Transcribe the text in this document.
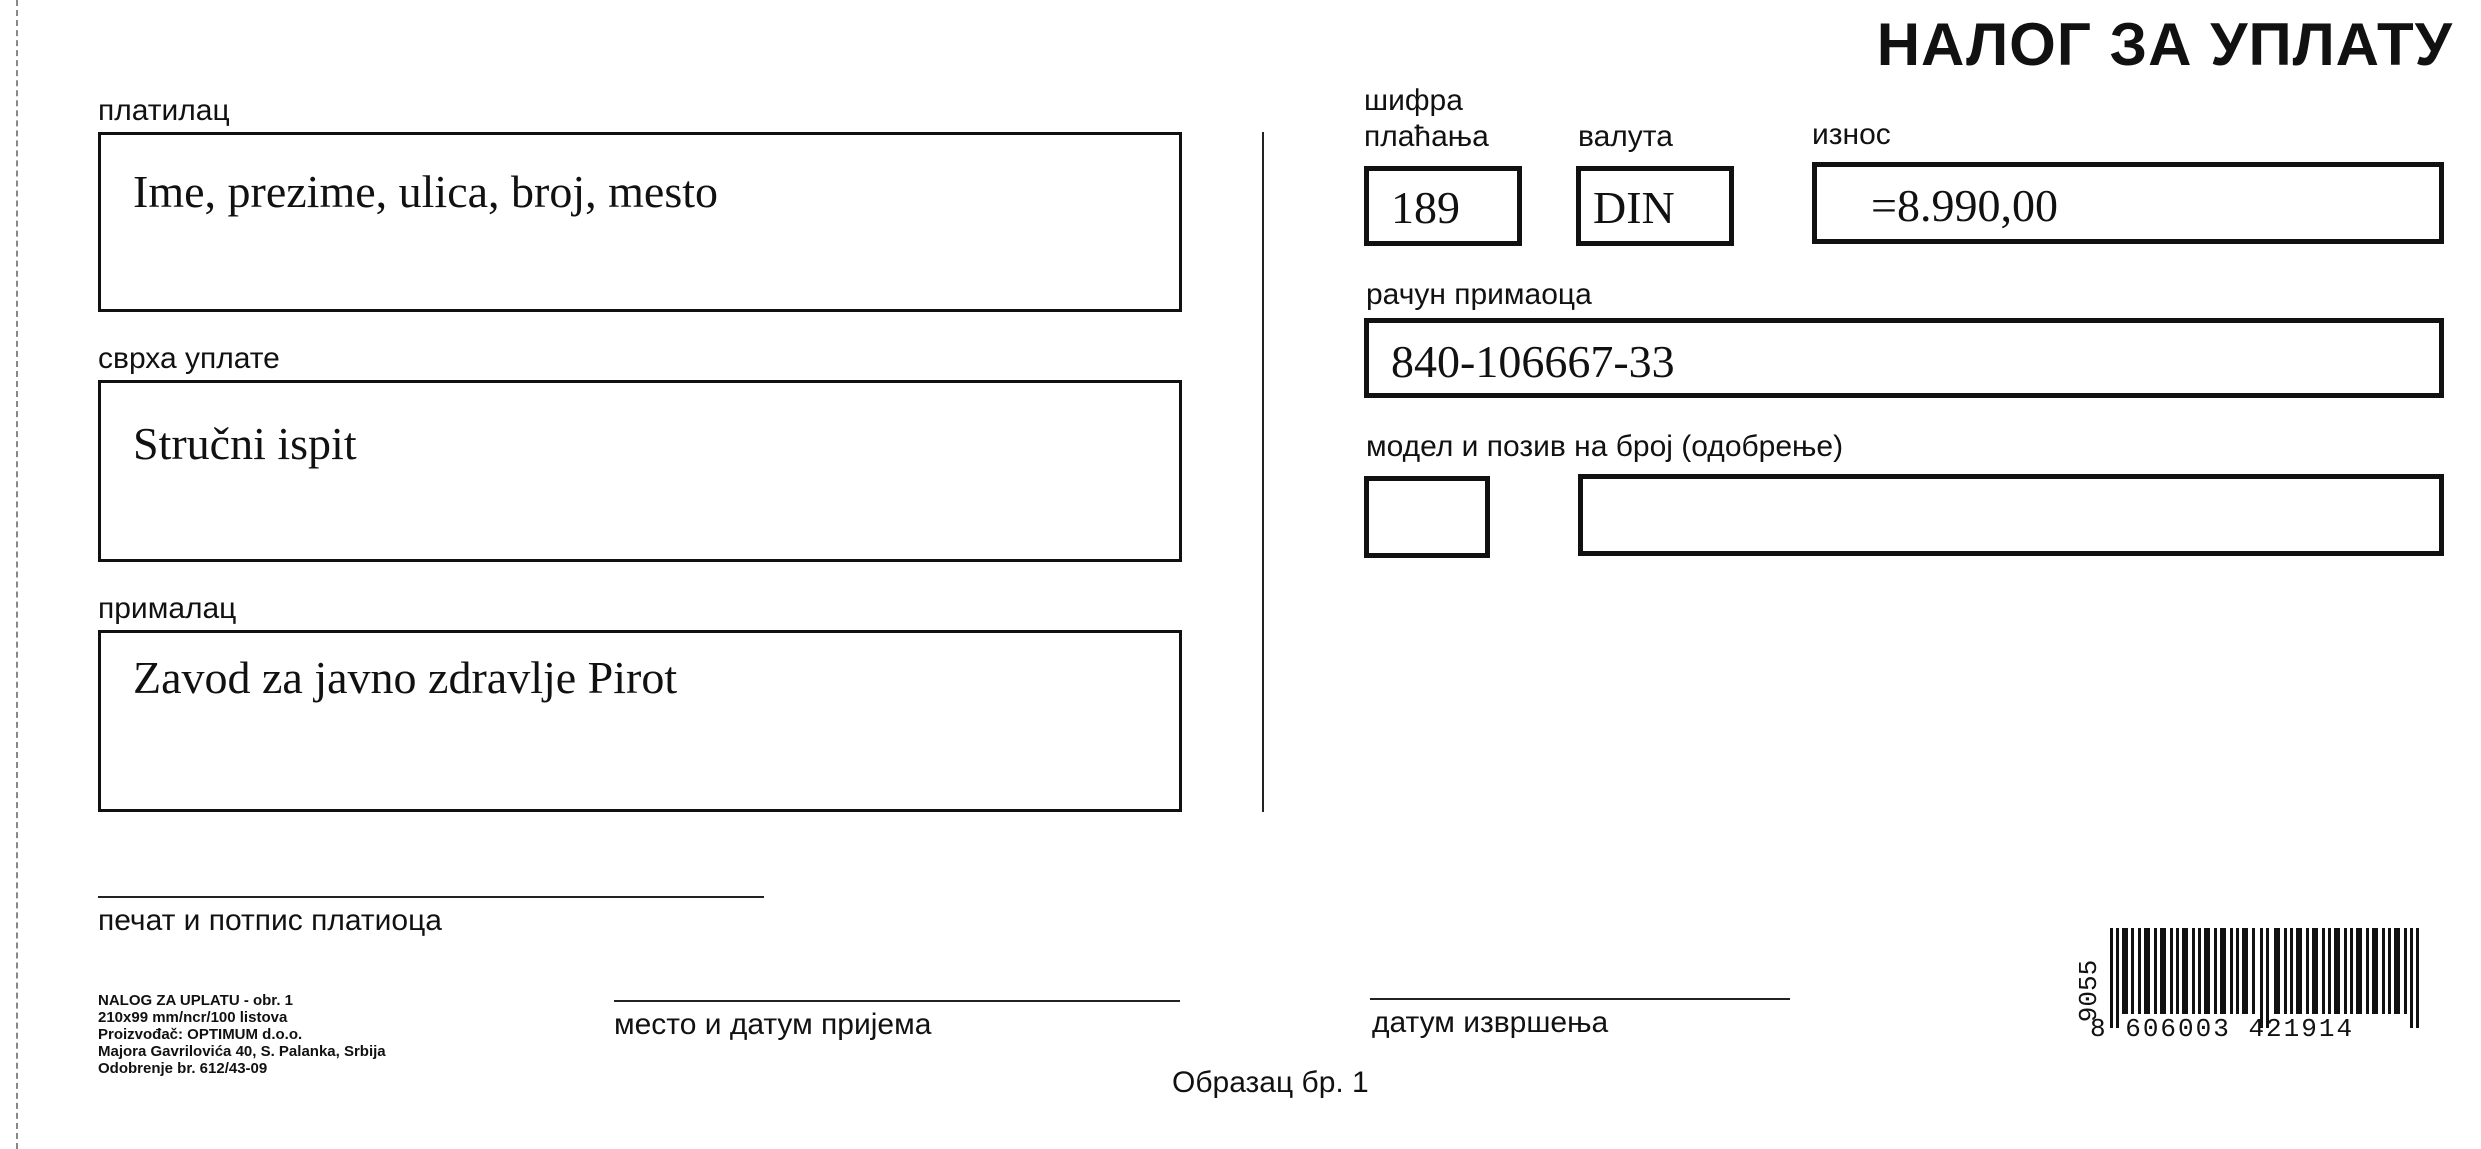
НАЛОГ ЗА УПЛАТУ
платилац
Ime, prezime, ulica, broj, mesto
сврха уплате
Stručni ispit
прималац
Zavod za javno zdravlje Pirot
шифра
плаћања	валута	износ
189	DIN	=8.990,00
рачун примаоца
840-106667-33
модел и позив на број (одобрење)
печат и потпис платиоца
NALOG ZA UPLATU - obr. 1
210x99 mm/ncr/100 listova
Proizvođač: OPTIMUM d.o.o.
Majora Gavrilovića 40, S. Palanka, Srbija
Odobrenje br. 612/43-09
место и датум пријема	датум извршења
Образац бр. 1
9055
8 606003 421914
